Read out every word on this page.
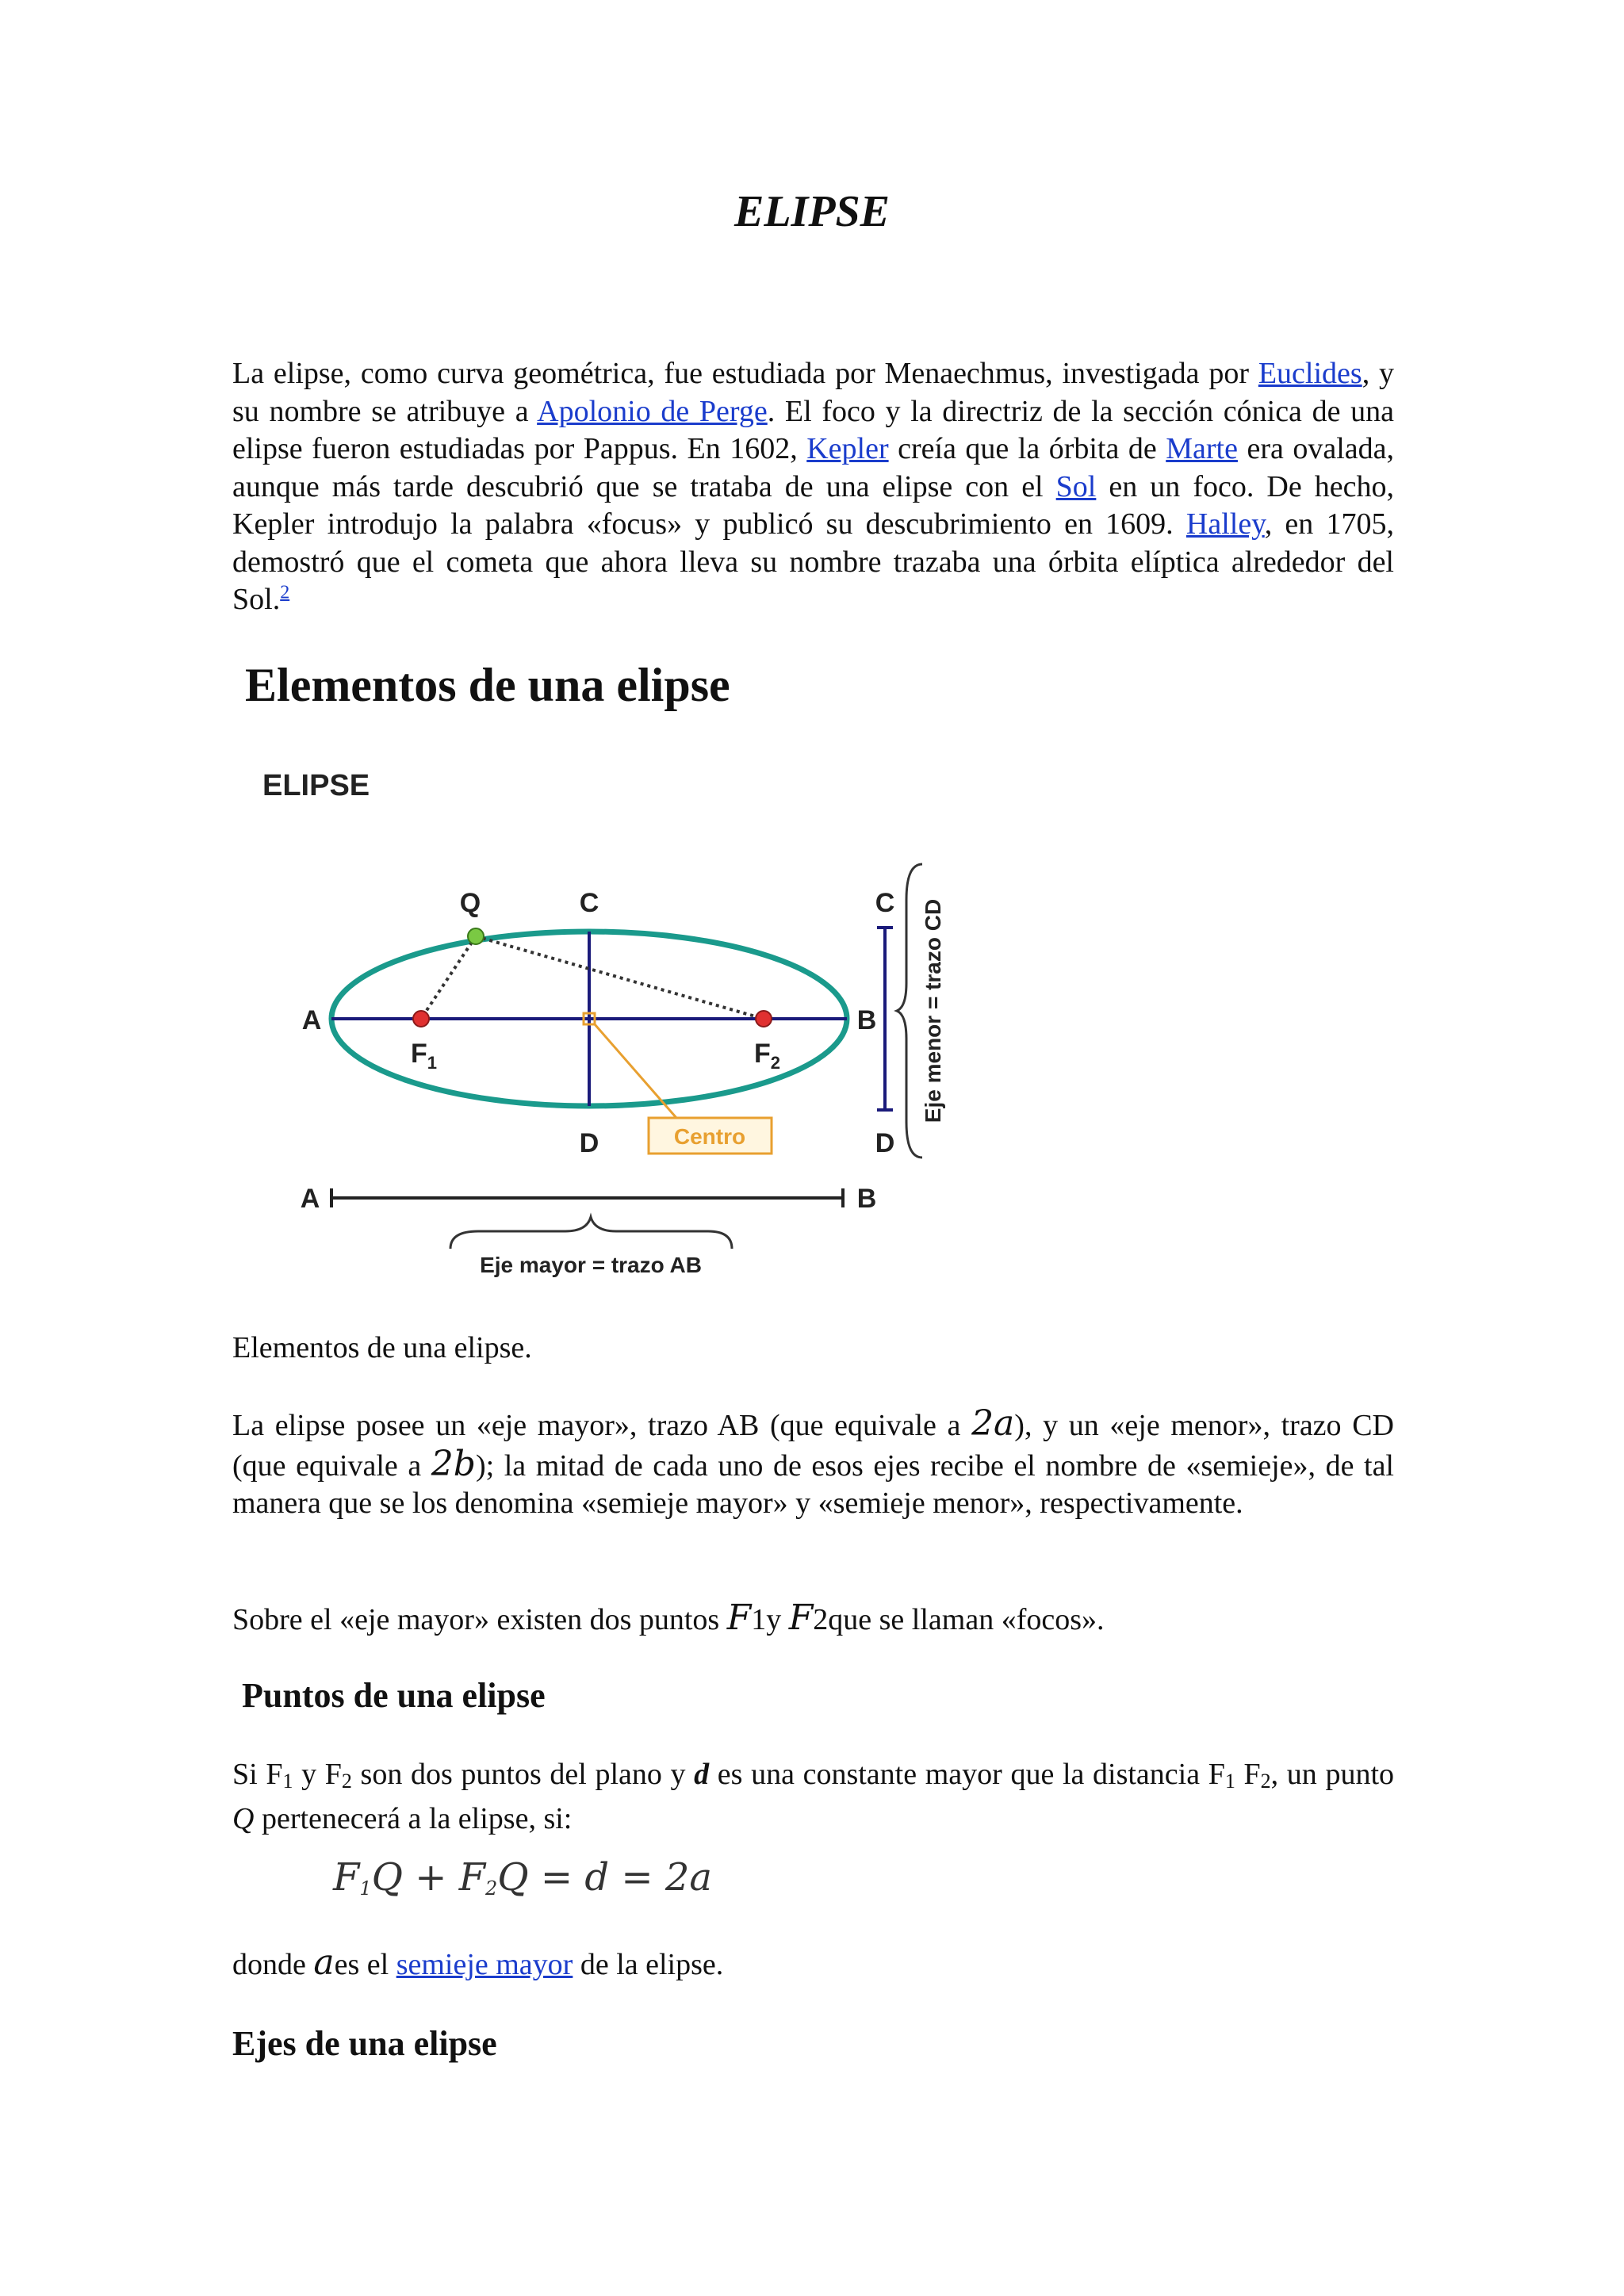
ELIPSE

La elipse, como curva geométrica, fue estudiada por Menaechmus, investigada por Euclides, y su nombre se atribuye a Apolonio de Perge. El foco y la directriz de la sección cónica de una elipse fueron estudiadas por Pappus. En 1602, Kepler creía que la órbita de Marte era ovalada, aunque más tarde descubrió que se trataba de una elipse con el Sol en un foco. De hecho, Kepler introdujo la palabra «focus» y publicó su descubrimiento en 1609. Halley, en 1705, demostró que el cometa que ahora lleva su nombre trazaba una órbita elíptica alrededor del Sol.$^2$

Elementos de una elipse
ELIPSE
Centro
Q	C
A	B
$F_1$	$F_2$
D
C
D
Eje menor = trazo CD
A	B
Eje mayor = trazo AB

Elementos de una elipse.

La elipse posee un «eje mayor», trazo AB (que equivale a 2a), y un «eje menor», trazo CD (que equivale a 2b); la mitad de cada uno de esos ejes recibe el nombre de «semieje», de tal manera que se los denomina «semieje mayor» y «semieje menor», respectivamente.

Sobre el «eje mayor» existen dos puntos F1y F2que se llaman «focos».

Puntos de una elipse

Si F1 y F2 son dos puntos del plano y d es una constante mayor que la distancia F1 F2, un punto Q pertenecerá a la elipse, si:

F1Q + F2Q = d = 2a

donde aes el semieje mayor de la elipse.

Ejes de una elipse
